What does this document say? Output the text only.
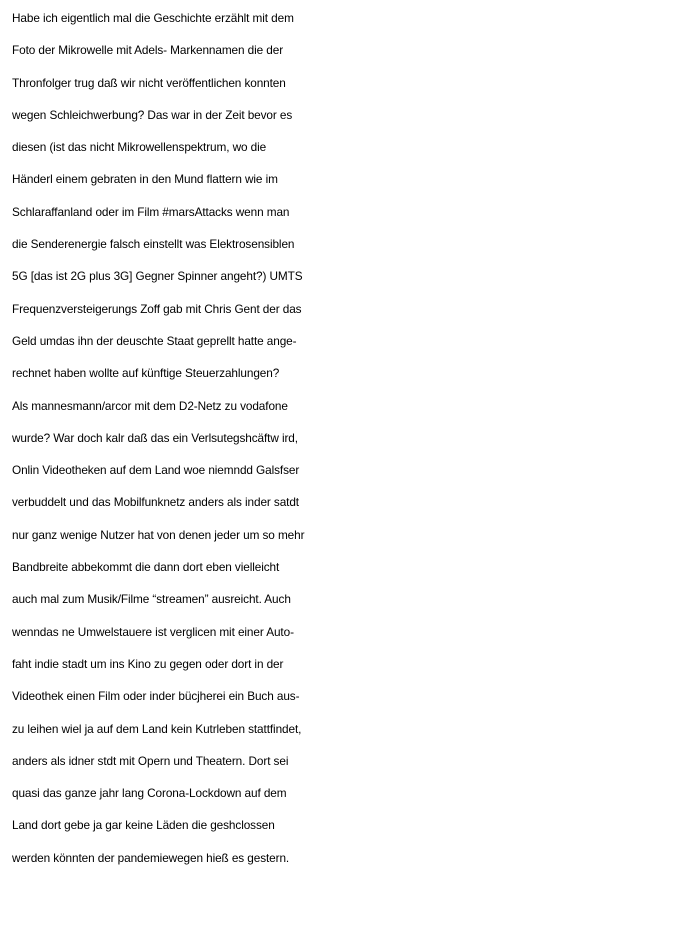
Habe ich eigentlich mal die Geschichte erzählt mit dem
Foto der Mikrowelle mit Adels- Markennamen die der
Thronfolger trug daß wir nicht veröffentlichen konnten
wegen Schleichwerbung? Das war in der Zeit bevor es
diesen (ist das nicht Mikrowellenspektrum, wo die
Händerl einem gebraten in den Mund flattern wie im
Schlaraffanland oder im Film #marsAttacks wenn man
die Senderenergie falsch einstellt was Elektrosensiblen
5G [das ist 2G plus 3G] Gegner Spinner angeht?) UMTS
Frequenzversteigerungs Zoff gab mit Chris Gent der das
Geld umdas ihn der deuschte Staat geprellt hatte ange-
rechnet haben wollte auf künftige Steuerzahlungen?
Als mannesmann/arcor mit dem D2-Netz zu vodafone
wurde? War doch kalr daß das ein Verlsutegshcäftw ird,
Onlin Videotheken auf dem Land woe niemndd Galsfser
verbuddelt und das Mobilfunknetz anders als inder satdt
nur ganz wenige Nutzer hat von denen jeder um so mehr
Bandbreite abbekommt die dann dort eben vielleicht
auch mal zum Musik/Filme “streamen” ausreicht. Auch
wenndas ne Umwelstauere ist verglicen mit einer Auto-
faht indie stadt um ins Kino zu gegen oder dort in der
Videothek einen Film oder inder bücjherei ein Buch aus-
zu leihen wiel ja auf dem Land kein Kutrleben stattfindet,
anders als idner stdt mit Opern und Theatern. Dort sei
quasi das ganze jahr lang Corona-Lockdown auf dem
Land dort gebe ja gar keine Läden die geshclossen
werden könnten der pandemiewegen hieß es gestern.
